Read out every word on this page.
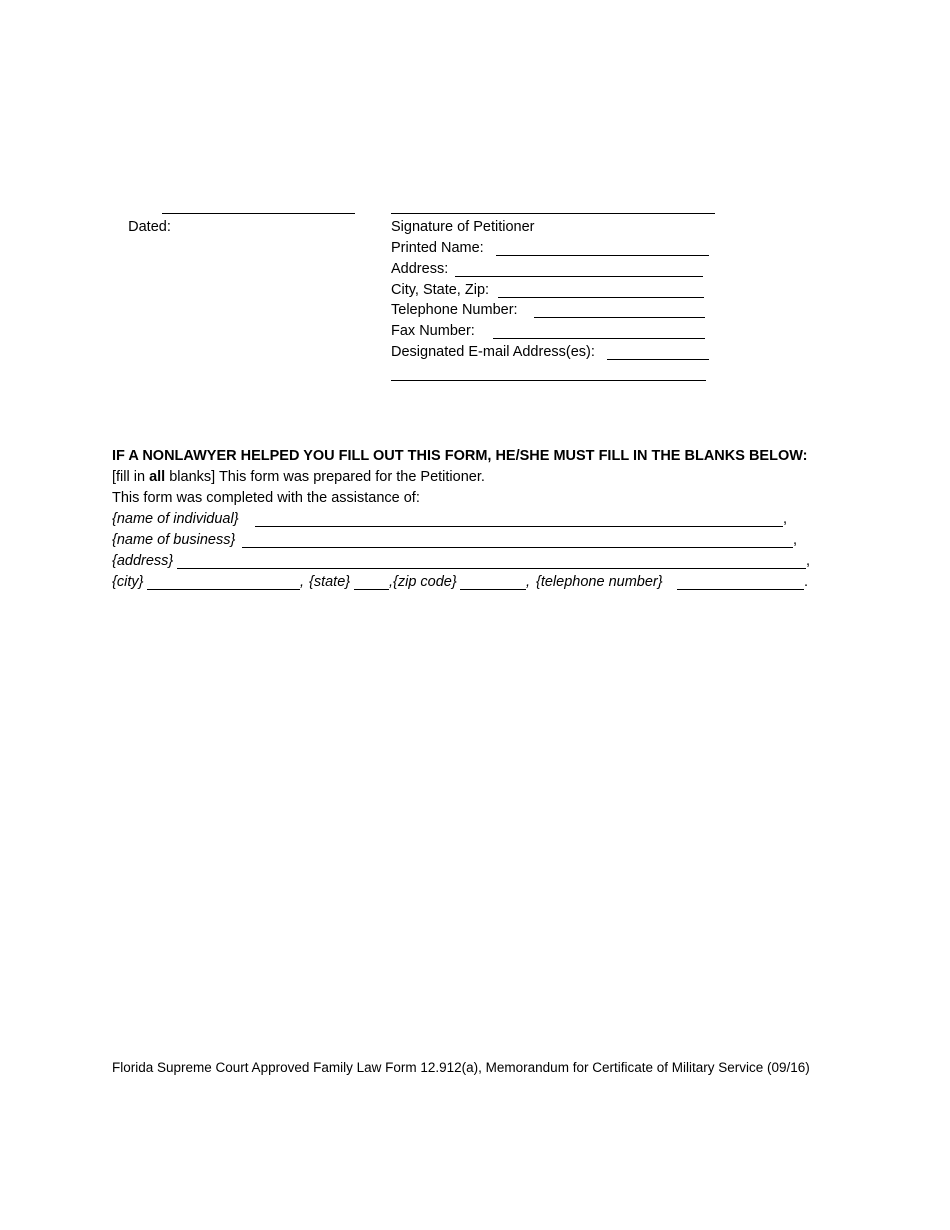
Dated:
	Signature of Petitioner
Printed Name:
Address:
City, State, Zip:
Telephone Number:
Fax Number:
Designated E-mail Address(es):
IF A NONLAWYER HELPED YOU FILL OUT THIS FORM, HE/SHE MUST FILL IN THE BLANKS BELOW:
[fill in all blanks] This form was prepared for the Petitioner.
This form was completed with the assistance of:
{name of individual}	,
{name of business}	,
{address}	,
{city}	, {state}	, {zip code}	, {telephone number}	.
Florida Supreme Court Approved Family Law Form 12.912(a), Memorandum for Certificate of Military Service (09/16)
